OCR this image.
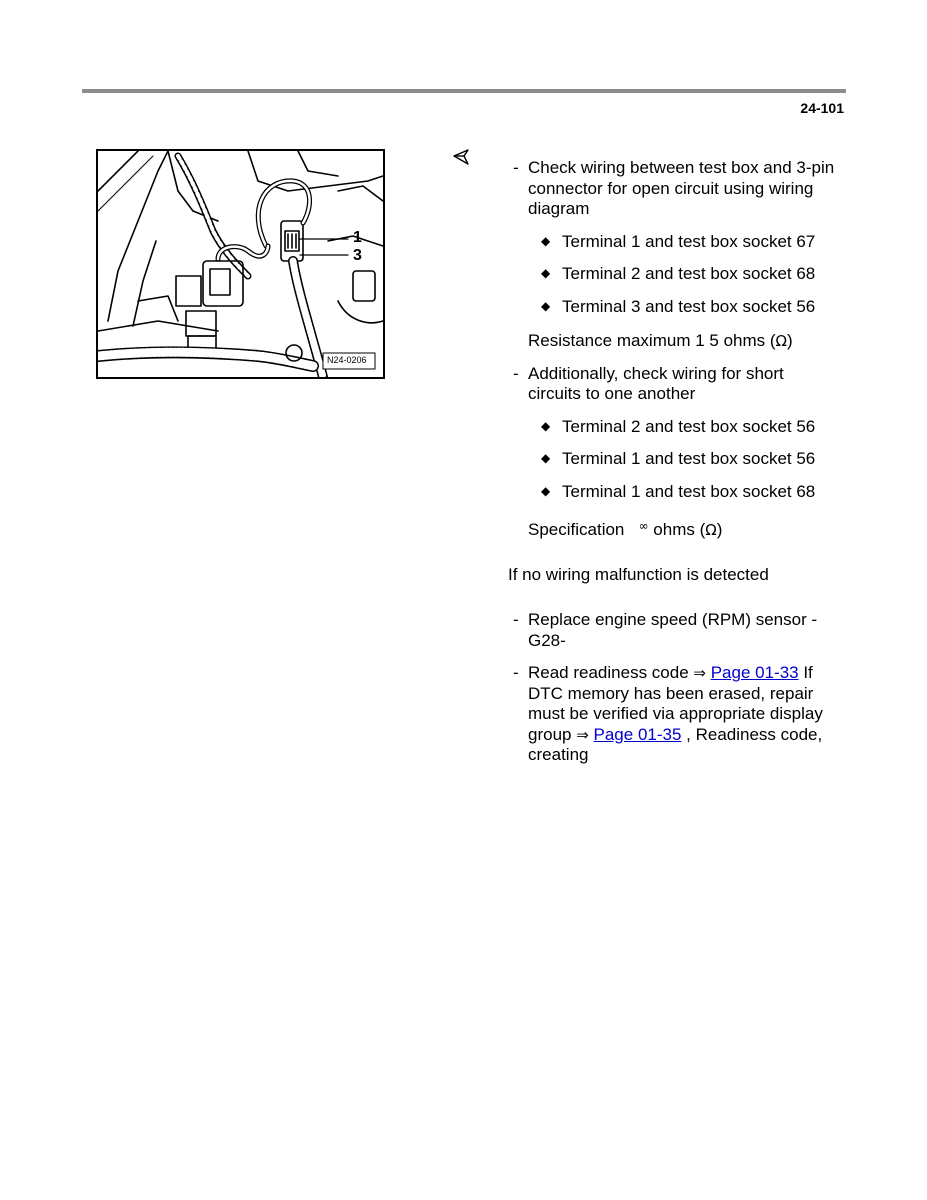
24-101
1
3
N24-0206
- Check wiring between test box and 3-pin connector for open circuit using wiring diagram
◆ Terminal 1 and test box socket 67
◆ Terminal 2 and test box socket 68
◆ Terminal 3 and test box socket 56
Resistance maximum 1 5 ohms (Ω)
- Additionally, check wiring for short circuits to one another
◆ Terminal 2 and test box socket 56
◆ Terminal 1 and test box socket 56
◆ Terminal 1 and test box socket 68
Specification ∞ ohms (Ω)
If no wiring malfunction is detected
- Replace engine speed (RPM) sensor -G28-
- Read readiness code ⇒ Page 01-33 If DTC memory has been erased, repair must be verified via appropriate display group ⇒ Page 01-35 , Readiness code, creating
